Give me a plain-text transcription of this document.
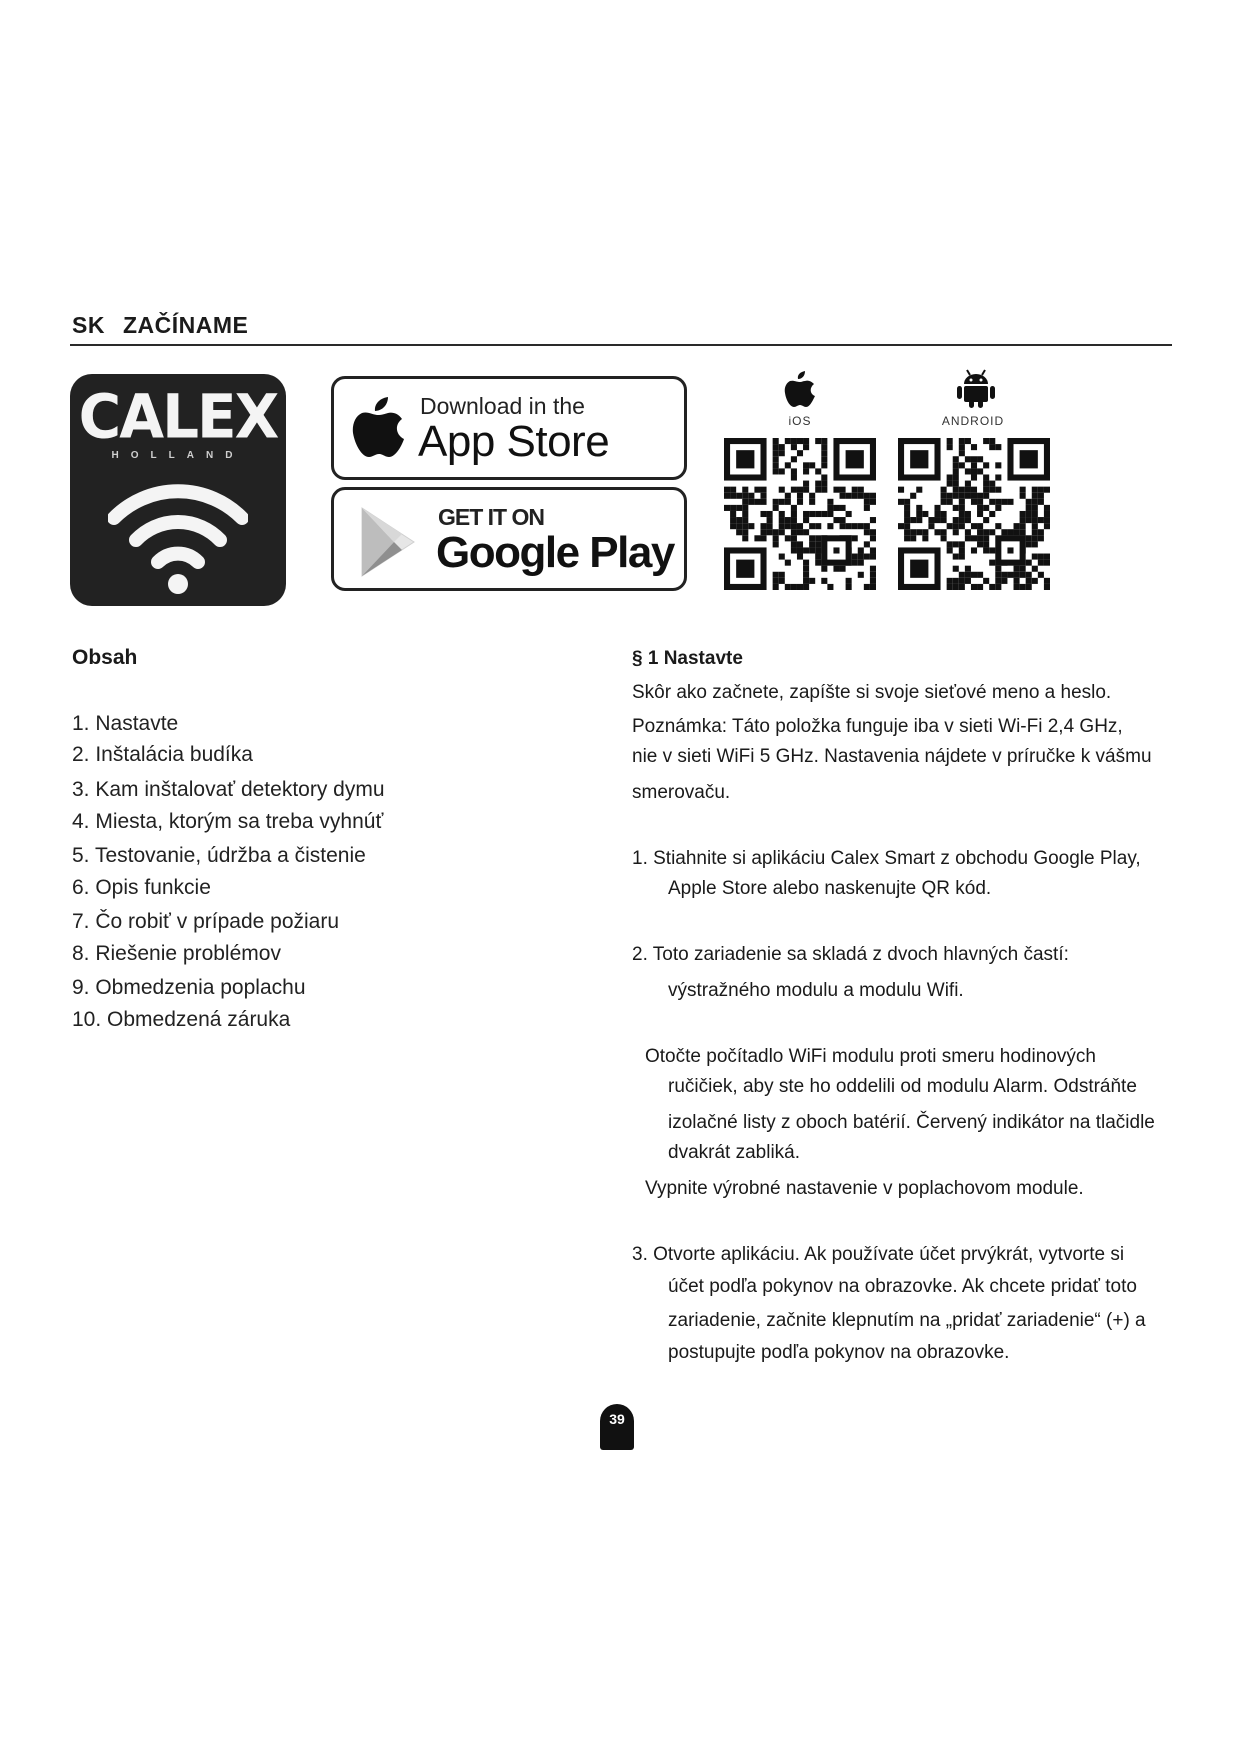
SK ZAČÍNAME
CALEX
HOLLAND
Download in the
App Store
GET IT ON
Google Play
iOS	ANDROID
Obsah
1. Nastavte
2. Inštalácia budíka
3. Kam inštalovať detektory dymu
4. Miesta, ktorým sa treba vyhnúť
5. Testovanie, údržba a čistenie
6. Opis funkcie
7. Čo robiť v prípade požiaru
8. Riešenie problémov
9. Obmedzenia poplachu
10. Obmedzená záruka
§ 1 Nastavte
Skôr ako začnete, zapíšte si svoje sieťové meno a heslo.
Poznámka: Táto položka funguje iba v sieti Wi-Fi 2,4 GHz,
nie v sieti WiFi 5 GHz. Nastavenia nájdete v príručke k vášmu
smerovaču.
1. Stiahnite si aplikáciu Calex Smart z obchodu Google Play,
Apple Store alebo naskenujte QR kód.
2. Toto zariadenie sa skladá z dvoch hlavných častí:
výstražného modulu a modulu Wifi.
Otočte počítadlo WiFi modulu proti smeru hodinových
ručičiek, aby ste ho oddelili od modulu Alarm. Odstráňte
izolačné listy z oboch batérií. Červený indikátor na tlačidle
dvakrát zabliká.
Vypnite výrobné nastavenie v poplachovom module.
3. Otvorte aplikáciu. Ak používate účet prvýkrát, vytvorte si
účet podľa pokynov na obrazovke. Ak chcete pridať toto
zariadenie, začnite klepnutím na „pridať zariadenie“ (+) a
postupujte podľa pokynov na obrazovke.
39
